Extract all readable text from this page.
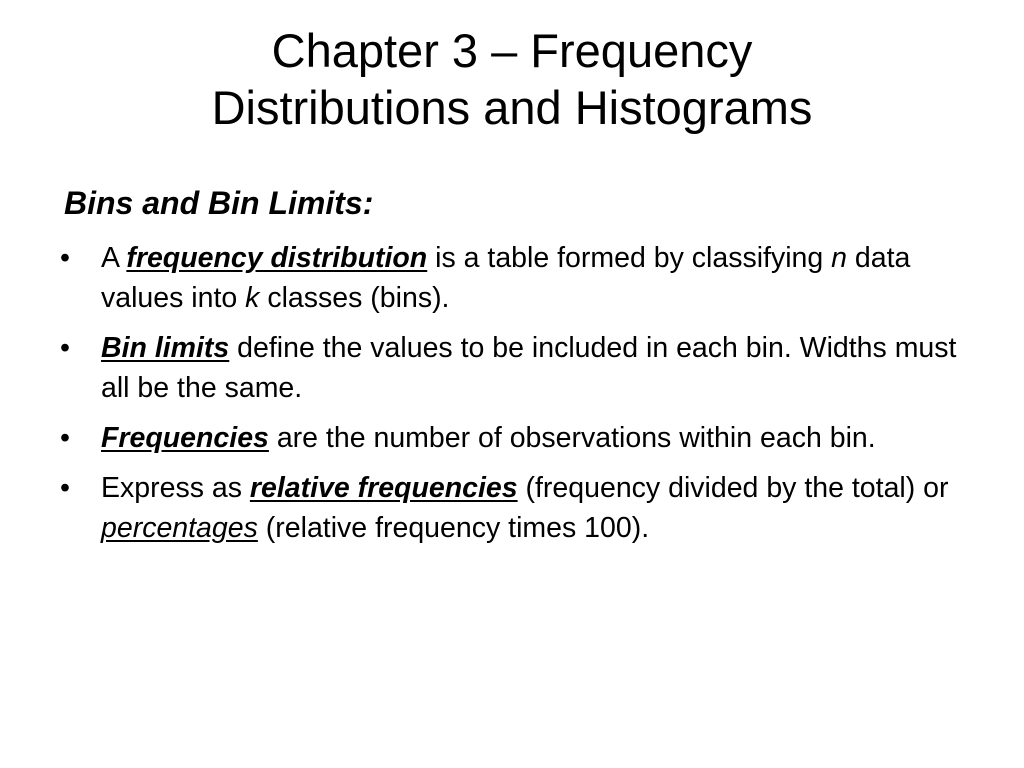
Chapter 3 – Frequency
Distributions and Histograms
Bins and Bin Limits:
•	A frequency distribution is a table formed by classifying n data values into k classes (bins).
•	Bin limits define the values to be included in each bin. Widths must all be the same.
•	Frequencies are the number of observations within each bin.
•	Express as relative frequencies (frequency divided by the total) or percentages (relative frequency times 100).
